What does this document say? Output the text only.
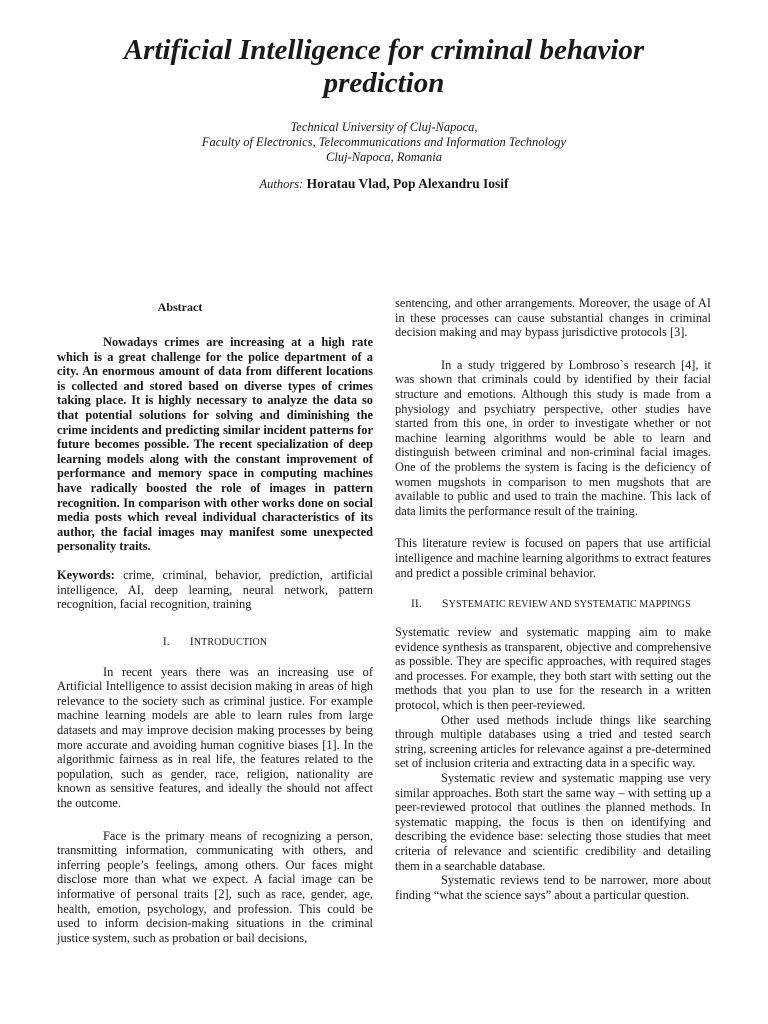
Artificial Intelligence for criminal behavior prediction
Technical University of Cluj-Napoca,
Faculty of Electronics, Telecommunications and Information Technology
Cluj-Napoca, Romania
Authors: Horatau Vlad, Pop Alexandru Iosif
Abstract

Nowadays crimes are increasing at a high rate which is a great challenge for the police department of a city. An enormous amount of data from different locations is collected and stored based on diverse types of crimes taking place. It is highly necessary to analyze the data so that potential solutions for solving and diminishing the crime incidents and predicting similar incident patterns for future becomes possible. The recent specialization of deep learning models along with the constant improvement of performance and memory space in computing machines have radically boosted the role of images in pattern recognition. In comparison with other works done on social media posts which reveal individual characteristics of its author, the facial images may manifest some unexpected personality traits.

Keywords: crime, criminal, behavior, prediction, artificial intelligence, AI, deep learning, neural network, pattern recognition, facial recognition, training

I. INTRODUCTION

In recent years there was an increasing use of Artificial Intelligence to assist decision making in areas of high relevance to the society such as criminal justice. For example machine learning models are able to learn rules from large datasets and may improve decision making processes by being more accurate and avoiding human cognitive biases [1]. In the algorithmic fairness as in real life, the features related to the population, such as gender, race, religion, nationality are known as sensitive features, and ideally the should not affect the outcome.

Face is the primary means of recognizing a person, transmitting information, communicating with others, and inferring people’s feelings, among others. Our faces might disclose more than what we expect. A facial image can be informative of personal traits [2], such as race, gender, age, health, emotion, psychology, and profession. This could be used to inform decision-making situations in the criminal justice system, such as probation or bail decisions,

sentencing, and other arrangements. Moreover, the usage of AI in these processes can cause substantial changes in criminal decision making and may bypass jurisdictive protocols [3].

In a study triggered by Lombroso`s research [4], it was shown that criminals could by identified by their facial structure and emotions. Although this study is made from a physiology and psychiatry perspective, other studies have started from this one, in order to investigate whether or not machine learning algorithms would be able to learn and distinguish between criminal and non-criminal facial images. One of the problems the system is facing is the deficiency of women mugshots in comparison to men mugshots that are available to public and used to train the machine. This lack of data limits the performance result of the training.

This literature review is focused on papers that use artificial intelligence and machine learning algorithms to extract features and predict a possible criminal behavior.

II. SYSTEMATIC REVIEW AND SYSTEMATIC MAPPINGS

Systematic review and systematic mapping aim to make evidence synthesis as transparent, objective and comprehensive as possible. They are specific approaches, with required stages and processes. For example, they both start with setting out the methods that you plan to use for the research in a written protocol, which is then peer-reviewed.

Other used methods include things like searching through multiple databases using a tried and tested search string, screening articles for relevance against a pre-determined set of inclusion criteria and extracting data in a specific way.

Systematic review and systematic mapping use very similar approaches. Both start the same way – with setting up a peer-reviewed protocol that outlines the planned methods. In systematic mapping, the focus is then on identifying and describing the evidence base: selecting those studies that meet criteria of relevance and scientific credibility and detailing them in a searchable database.

Systematic reviews tend to be narrower, more about finding “what the science says” about a particular question.
